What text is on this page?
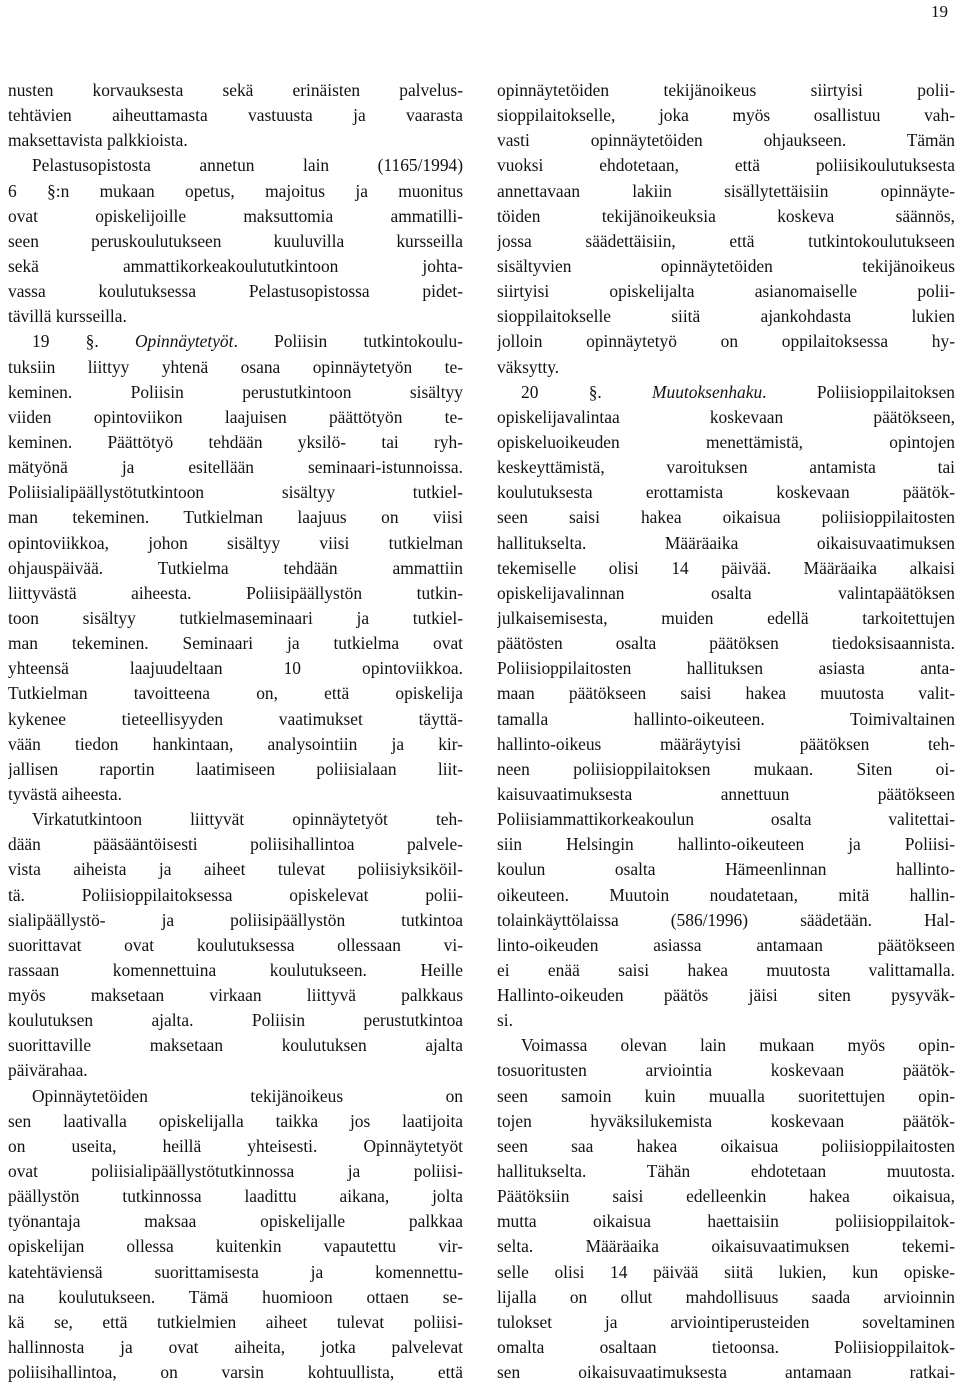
19
nusten korvauksesta sekä erinäisten palvelus-
tehtävien aiheuttamasta vastuusta ja vaarasta
maksettavista palkkioista.
Pelastusopistosta annetun lain (1165/1994)
6 §:n mukaan opetus, majoitus ja muonitus
ovat opiskelijoille maksuttomia ammatilli-
seen peruskoulutukseen kuuluvilla kursseilla
sekä ammattikorkeakoulututkintoon johta-
vassa koulutuksessa Pelastusopistossa pidet-
tävillä kursseilla.
19 §. Opinnäytetyöt. Poliisin tutkintokoulu-
tuksiin liittyy yhtenä osana opinnäytetyön te-
keminen. Poliisin perustutkintoon sisältyy
viiden opintoviikon laajuisen päättötyön te-
keminen. Päättötyö tehdään yksilö- tai ryh-
mätyönä ja esitellään seminaari-istunnoissa.
Poliisialipäällystötutkintoon sisältyy tutkiel-
man tekeminen. Tutkielman laajuus on viisi
opintoviikkoa, johon sisältyy viisi tutkielman
ohjauspäivää. Tutkielma tehdään ammattiin
liittyvästä aiheesta. Poliisipäällystön tutkin-
toon sisältyy tutkielmaseminaari ja tutkiel-
man tekeminen. Seminaari ja tutkielma ovat
yhteensä laajuudeltaan 10 opintoviikkoa.
Tutkielman tavoitteena on, että opiskelija
kykenee tieteellisyyden vaatimukset täyttä-
vään tiedon hankintaan, analysointiin ja kir-
jallisen raportin laatimiseen poliisialaan liit-
tyvästä aiheesta.
Virkatutkintoon liittyvät opinnäytetyöt teh-
dään pääsääntöisesti poliisihallintoa palvele-
vista aiheista ja aiheet tulevat poliisiyksiköil-
tä. Poliisioppilaitoksessa opiskelevat polii-
sialipäällystö- ja poliisipäällystön tutkintoa
suorittavat ovat koulutuksessa ollessaan vi-
rassaan komennettuina koulutukseen. Heille
myös maksetaan virkaan liittyvä palkkaus
koulutuksen ajalta. Poliisin perustutkintoa
suorittaville maksetaan koulutuksen ajalta
päivärahaa.
Opinnäytetöiden tekijänoikeus on
sen laativalla opiskelijalla taikka jos laatijoita
on useita, heillä yhteisesti. Opinnäytetyöt
ovat poliisialipäällystötutkinnossa ja poliisi-
päällystön tutkinnossa laadittu aikana, jolta
työnantaja maksaa opiskelijalle palkkaa
opiskelijan ollessa kuitenkin vapautettu vir-
katehtäviensä suorittamisesta ja komennettu-
na koulutukseen. Tämä huomioon ottaen se-
kä se, että tutkielmien aiheet tulevat poliisi-
hallinnosta ja ovat aiheita, jotka palvelevat
poliisihallintoa, on varsin kohtuullista, että
opinnäytetöiden tekijänoikeus siirtyisi polii-
sioppilaitokselle, joka myös osallistuu vah-
vasti opinnäytetöiden ohjaukseen. Tämän
vuoksi ehdotetaan, että poliisikoulutuksesta
annettavaan lakiin sisällytettäisiin opinnäyte-
töiden tekijänoikeuksia koskeva säännös,
jossa säädettäisiin, että tutkintokoulutukseen
sisältyvien opinnäytetöiden tekijänoikeus
siirtyisi opiskelijalta asianomaiselle polii-
sioppilaitokselle siitä ajankohdasta lukien
jolloin opinnäytetyö on oppilaitoksessa hy-
väksytty.
20 §. Muutoksenhaku. Poliisioppilaitoksen
opiskelijavalintaa koskevaan päätökseen,
opiskeluoikeuden menettämistä, opintojen
keskeyttämistä, varoituksen antamista tai
koulutuksesta erottamista koskevaan päätök-
seen saisi hakea oikaisua poliisioppilaitosten
hallitukselta. Määräaika oikaisuvaatimuksen
tekemiselle olisi 14 päivää. Määräaika alkaisi
opiskelijavalinnan osalta valintapäätöksen
julkaisemisesta, muiden edellä tarkoitettujen
päätösten osalta päätöksen tiedoksisaannista.
Poliisioppilaitosten hallituksen asiasta anta-
maan päätökseen saisi hakea muutosta valit-
tamalla hallinto-oikeuteen. Toimivaltainen
hallinto-oikeus määräytyisi päätöksen teh-
neen poliisioppilaitoksen mukaan. Siten oi-
kaisuvaatimuksesta annettuun päätökseen
Poliisiammattikorkeakoulun osalta valitettai-
siin Helsingin hallinto-oikeuteen ja Poliisi-
koulun osalta Hämeenlinnan hallinto-
oikeuteen. Muutoin noudatetaan, mitä hallin-
tolainkäyttölaissa (586/1996) säädetään. Hal-
linto-oikeuden asiassa antamaan päätökseen
ei enää saisi hakea muutosta valittamalla.
Hallinto-oikeuden päätös jäisi siten pysyväk-
si.
Voimassa olevan lain mukaan myös opin-
tosuoritusten arviointia koskevaan päätök-
seen samoin kuin muualla suoritettujen opin-
tojen hyväksilukemista koskevaan päätök-
seen saa hakea oikaisua poliisioppilaitosten
hallitukselta. Tähän ehdotetaan muutosta.
Päätöksiin saisi edelleenkin hakea oikaisua,
mutta oikaisua haettaisiin poliisioppilaitok-
selta. Määräaika oikaisuvaatimuksen tekemi-
selle olisi 14 päivää siitä lukien, kun opiske-
lijalla on ollut mahdollisuus saada arvioinnin
tulokset ja arviointiperusteiden soveltaminen
omalta osaltaan tietoonsa. Poliisioppilaitok-
sen oikaisuvaatimuksesta antamaan ratkai-
